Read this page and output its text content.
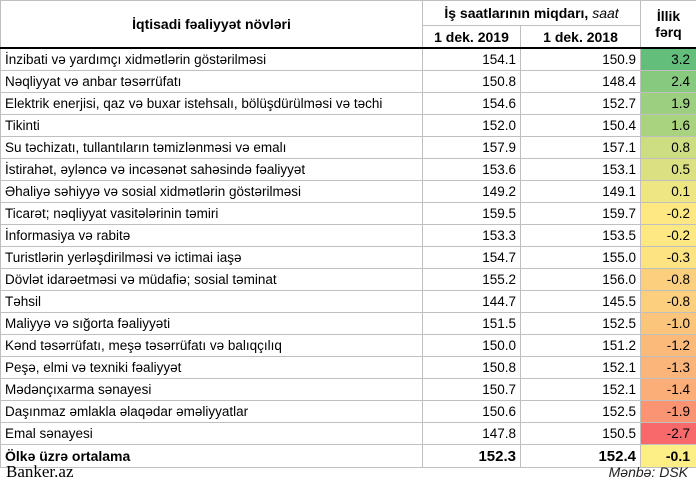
İqtisadi fəaliyyət növləri	İş saatlarının miqdarı, saat		İllik
fərq
	1 dek. 2019	1 dek. 2018	
İnzibati və yardımçı xidmətlərin göstərilməsi	154.1	150.9	3.2
Nəqliyyat və anbar təsərrüfatı	150.8	148.4	2.4
Elektrik enerjisi, qaz və buxar istehsalı, bölüşdürülməsi və təchi	154.6	152.7	1.9
Tikinti	152.0	150.4	1.6
Su təchizatı, tullantıların təmizlənməsi və emalı	157.9	157.1	0.8
İstirahət, əyləncə və incəsənət sahəsində fəaliyyət	153.6	153.1	0.5
Əhaliyə səhiyyə və sosial xidmətlərin göstərilməsi	149.2	149.1	0.1
Ticarət; nəqliyyat vasitələrinin təmiri	159.5	159.7	-0.2
İnformasiya və rabitə	153.3	153.5	-0.2
Turistlərin yerləşdirilməsi və ictimai iaşə	154.7	155.0	-0.3
Dövlət idarəetməsi və müdafiə; sosial təminat	155.2	156.0	-0.8
Təhsil	144.7	145.5	-0.8
Maliyyə və sığorta fəaliyyəti	151.5	152.5	-1.0
Kənd təsərrüfatı, meşə təsərrüfatı və balıqçılıq	150.0	151.2	-1.2
Peşə, elmi və texniki fəaliyyət	150.8	152.1	-1.3
Mədənçıxarma sənayesi	150.7	152.1	-1.4
Daşınmaz əmlakla əlaqədar əməliyyatlar	150.6	152.5	-1.9
Emal sənayesi	147.8	150.5	-2.7
Ölkə üzrə ortalama	152.3	152.4	-0.1
Banker.az	Mənbə: DSK
